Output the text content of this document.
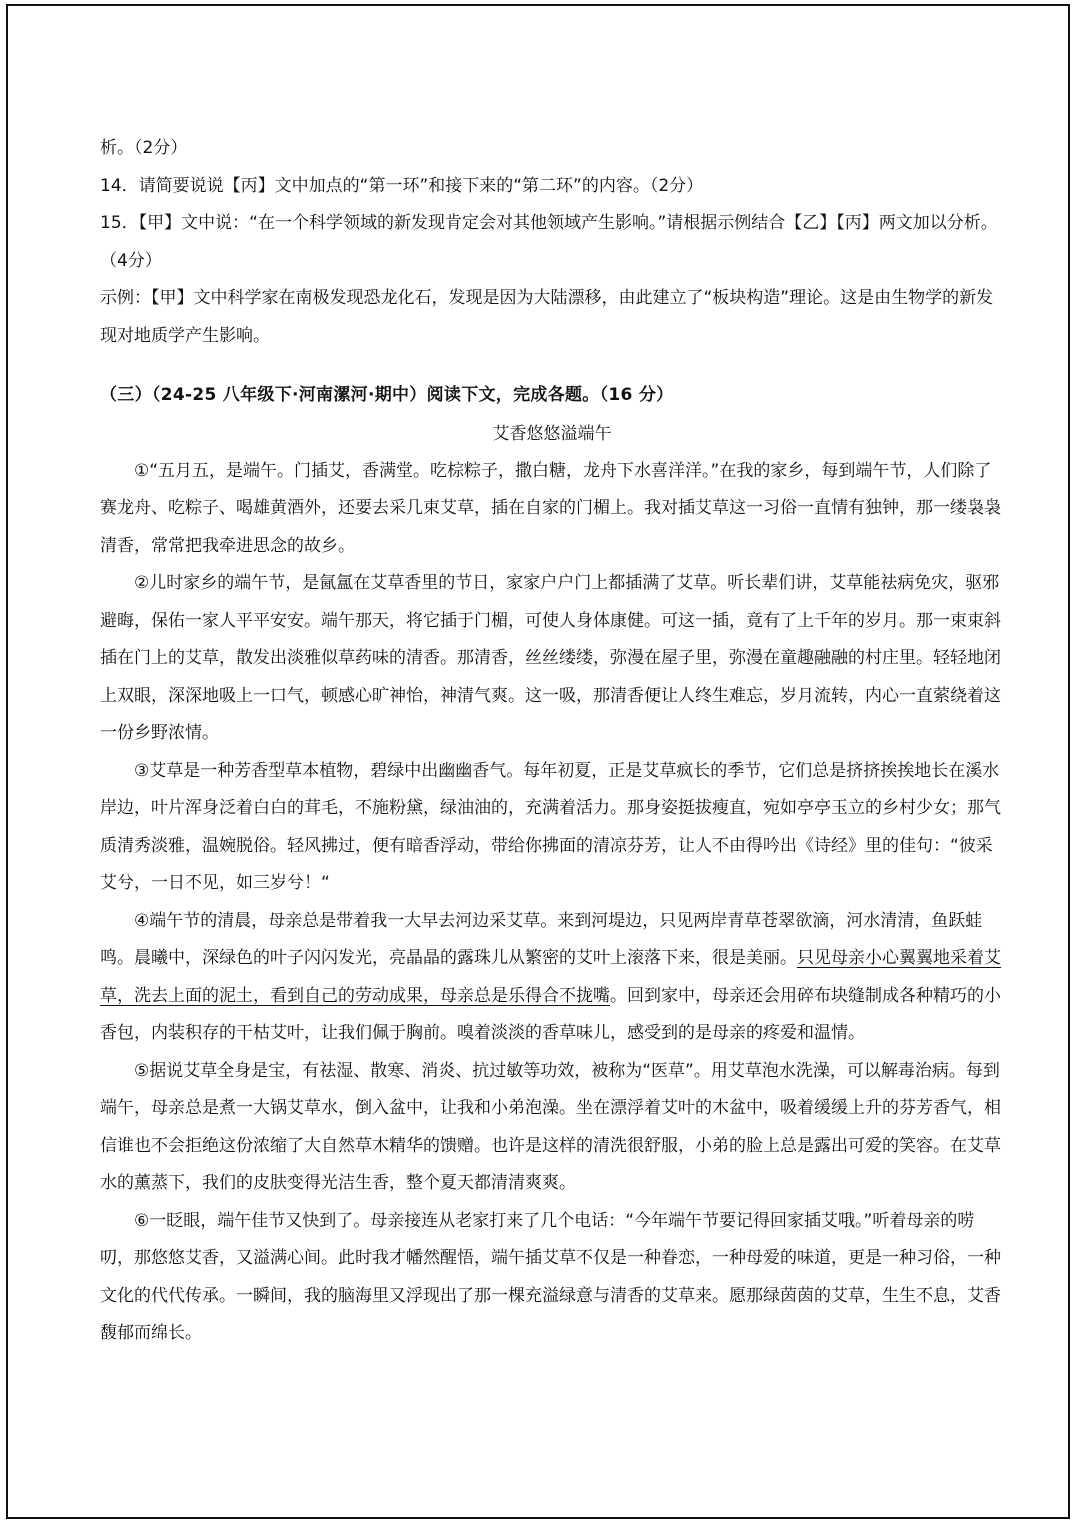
析。（2分）

14．请简要说说【丙】文中加点的“第一环”和接下来的“第二环”的内容。（2分）

15．【甲】文中说：“在一个科学领域的新发现肯定会对其他领域产生影响。”请根据示例结合【乙】【丙】两文加以分析。（4分）

示例：【甲】文中科学家在南极发现恐龙化石，发现是因为大陆漂移，由此建立了“板块构造”理论。这是由生物学的新发现对地质学产生影响。

（三）（24-25 八年级下·河南漯河·期中）阅读下文，完成各题。（16 分）

艾香悠悠溢端午

①“五月五，是端午。门插艾，香满堂。吃棕粽子，撒白糖，龙舟下水喜洋洋。”在我的家乡，每到端午节，人们除了赛龙舟、吃粽子、喝雄黄酒外，还要去采几束艾草，插在自家的门楣上。我对插艾草这一习俗一直情有独钟，那一缕袅袅清香，常常把我牵进思念的故乡。

②儿时家乡的端午节，是氤氲在艾草香里的节日，家家户户门上都插满了艾草。听长辈们讲，艾草能祛病免灾，驱邪避晦，保佑一家人平平安安。端午那天，将它插于门楣，可使人身体康健。可这一插，竟有了上千年的岁月。那一束束斜插在门上的艾草，散发出淡雅似草药味的清香。那清香，丝丝缕缕，弥漫在屋子里，弥漫在童趣融融的村庄里。轻轻地闭上双眼，深深地吸上一口气，顿感心旷神怡，神清气爽。这一吸，那清香便让人终生难忘，岁月流转，内心一直萦绕着这一份乡野浓情。

③艾草是一种芳香型草本植物，碧绿中出幽幽香气。每年初夏，正是艾草疯长的季节，它们总是挤挤挨挨地长在溪水岸边，叶片浑身泛着白白的茸毛，不施粉黛，绿油油的，充满着活力。那身姿挺拔瘦直，宛如亭亭玉立的乡村少女；那气质清秀淡雅，温婉脱俗。轻风拂过，便有暗香浮动，带给你拂面的清凉芬芳，让人不由得吟出《诗经》里的佳句：“彼采艾兮，一日不见，如三岁兮！“

④端午节的清晨，母亲总是带着我一大早去河边采艾草。来到河堤边，只见两岸青草苍翠欲滴，河水清清，鱼跃蛙鸣。晨曦中，深绿色的叶子闪闪发光，亮晶晶的露珠儿从繁密的艾叶上滚落下来，很是美丽。只见母亲小心翼翼地采着艾草，洗去上面的泥土，看到自己的劳动成果，母亲总是乐得合不拢嘴。回到家中，母亲还会用碎布块缝制成各种精巧的小香包，内装积存的干枯艾叶，让我们佩于胸前。嗅着淡淡的香草味儿，感受到的是母亲的疼爱和温情。

⑤据说艾草全身是宝，有祛湿、散寒、消炎、抗过敏等功效，被称为“医草”。用艾草泡水洗澡，可以解毒治病。每到端午，母亲总是煮一大锅艾草水，倒入盆中，让我和小弟泡澡。坐在漂浮着艾叶的木盆中，吸着缓缓上升的芬芳香气，相信谁也不会拒绝这份浓缩了大自然草木精华的馈赠。也许是这样的清洗很舒服，小弟的脸上总是露出可爱的笑容。在艾草水的薰蒸下，我们的皮肤变得光洁生香，整个夏天都清清爽爽。

⑥一眨眼，端午佳节又快到了。母亲接连从老家打来了几个电话：“今年端午节要记得回家插艾哦。”听着母亲的唠叨，那悠悠艾香，又溢满心间。此时我才幡然醒悟，端午插艾草不仅是一种眷恋，一种母爱的味道，更是一种习俗，一种文化的代代传承。一瞬间，我的脑海里又浮现出了那一棵充溢绿意与清香的艾草来。愿那绿茵茵的艾草，生生不息，艾香馥郁而绵长。
